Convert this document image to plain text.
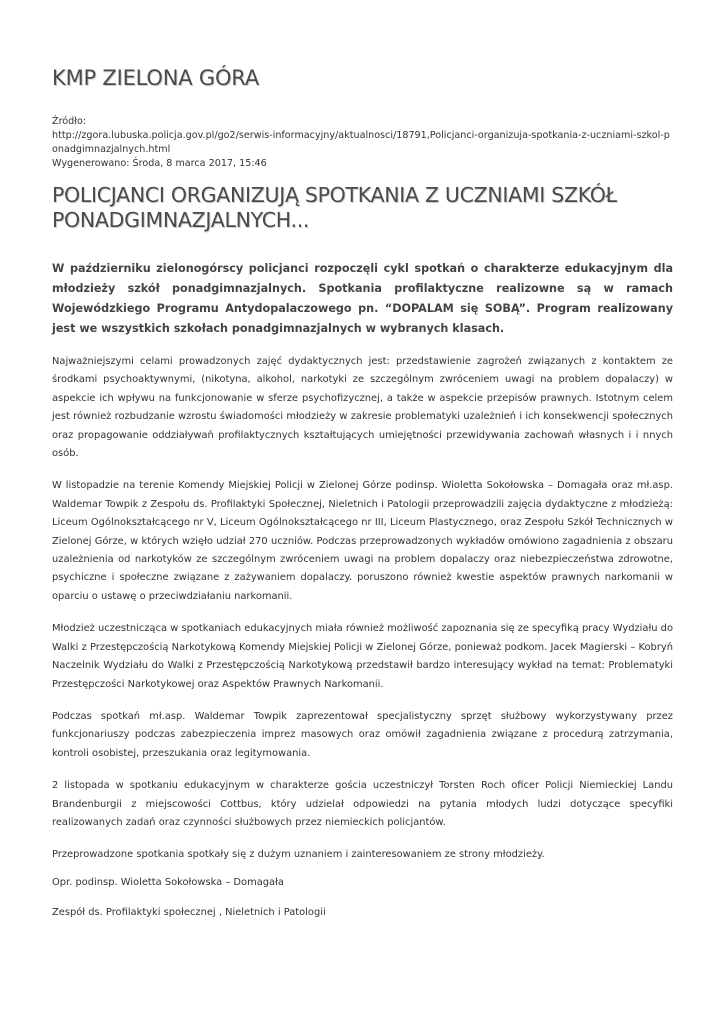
KMP ZIELONA GÓRA
Źródło:
http://zgora.lubuska.policja.gov.pl/go2/serwis-informacyjny/aktualnosci/18791,Policjanci-organizuja-spotkania-z-uczniami-szkol-ponadgimnazjalnych.html
Wygenerowano: Środa, 8 marca 2017, 15:46
POLICJANCI ORGANIZUJĄ SPOTKANIA Z UCZNIAMI SZKÓŁ PONADGIMNAZJALNYCH...

W październiku zielonogórscy policjanci rozpoczęli cykl spotkań o charakterze edukacyjnym dla młodzieży szkół ponadgimnazjalnych. Spotkania profilaktyczne realizowne są w ramach Wojewódzkiego Programu Antydopalaczowego pn. “DOPALAM się SOBĄ”. Program realizowany jest we wszystkich szkołach ponadgimnazjalnych w wybranych klasach.

Najważniejszymi celami prowadzonych zajęć dydaktycznych jest: przedstawienie zagrożeń związanych z kontaktem ze środkami psychoaktywnymi, (nikotyna, alkohol, narkotyki ze szczególnym zwróceniem uwagi na problem dopalaczy) w aspekcie ich wpływu na funkcjonowanie w sferze psychofizycznej, a także w aspekcie przepisów prawnych. Istotnym celem jest również rozbudzanie wzrostu świadomości młodzieży w zakresie problematyki uzależnień i ich konsekwencji społecznych oraz propagowanie oddziaływań profilaktycznych kształtujących umiejętności przewidywania zachowań własnych i i nnych osób.

W listopadzie na terenie Komendy Miejskiej Policji w Zielonej Górze podinsp. Wioletta Sokołowska – Domagała oraz mł.asp. Waldemar Towpik z Zespołu ds. Profilaktyki Społecznej, Nieletnich i Patologii przeprowadzili zajęcia dydaktyczne z młodzieżą: Liceum Ogólnokształcącego nr V, Liceum Ogólnokształcącego nr III, Liceum Plastycznego, oraz Zespołu Szkół Technicznych w Zielonej Górze, w których wzięło udział 270 uczniów. Podczas przeprowadzonych wykładów omówiono zagadnienia z obszaru uzależnienia od narkotyków ze szczególnym zwróceniem uwagi na problem dopalaczy oraz niebezpieczeństwa zdrowotne, psychiczne i społeczne związane z zażywaniem dopalaczy. poruszono również kwestie aspektów prawnych narkomanii w oparciu o ustawę o przeciwdziałaniu narkomanii.

Młodzież uczestnicząca w spotkaniach edukacyjnych miała również możliwość zapoznania się ze specyfiką pracy Wydziału do Walki z Przestępczością Narkotykową Komendy Miejskiej Policji w Zielonej Górze, ponieważ podkom. Jacek Magierski – Kobryń Naczelnik Wydziału do Walki z Przestępczością Narkotykową przedstawił bardzo interesujący wykład na temat: Problematyki Przestępczości Narkotykowej oraz Aspektów Prawnych Narkomanii.

Podczas spotkań mł.asp. Waldemar Towpik zaprezentował specjalistyczny sprzęt służbowy wykorzystywany przez funkcjonariuszy podczas zabezpieczenia imprez masowych oraz omówił zagadnienia związane z procedurą zatrzymania, kontroli osobistej, przeszukania oraz legitymowania.

2 listopada w spotkaniu edukacyjnym w charakterze gościa uczestniczył Torsten Roch oficer Policji Niemieckiej Landu Brandenburgii z miejscowości Cottbus, który udzielał odpowiedzi na pytania młodych ludzi dotyczące specyfiki realizowanych zadań oraz czynności służbowych przez niemieckich policjantów.

Przeprowadzone spotkania spotkały się z dużym uznaniem i zainteresowaniem ze strony młodzieży.

Opr. podinsp. Wioletta Sokołowska – Domagała

Zespół ds. Profilaktyki społecznej , Nieletnich i Patologii
